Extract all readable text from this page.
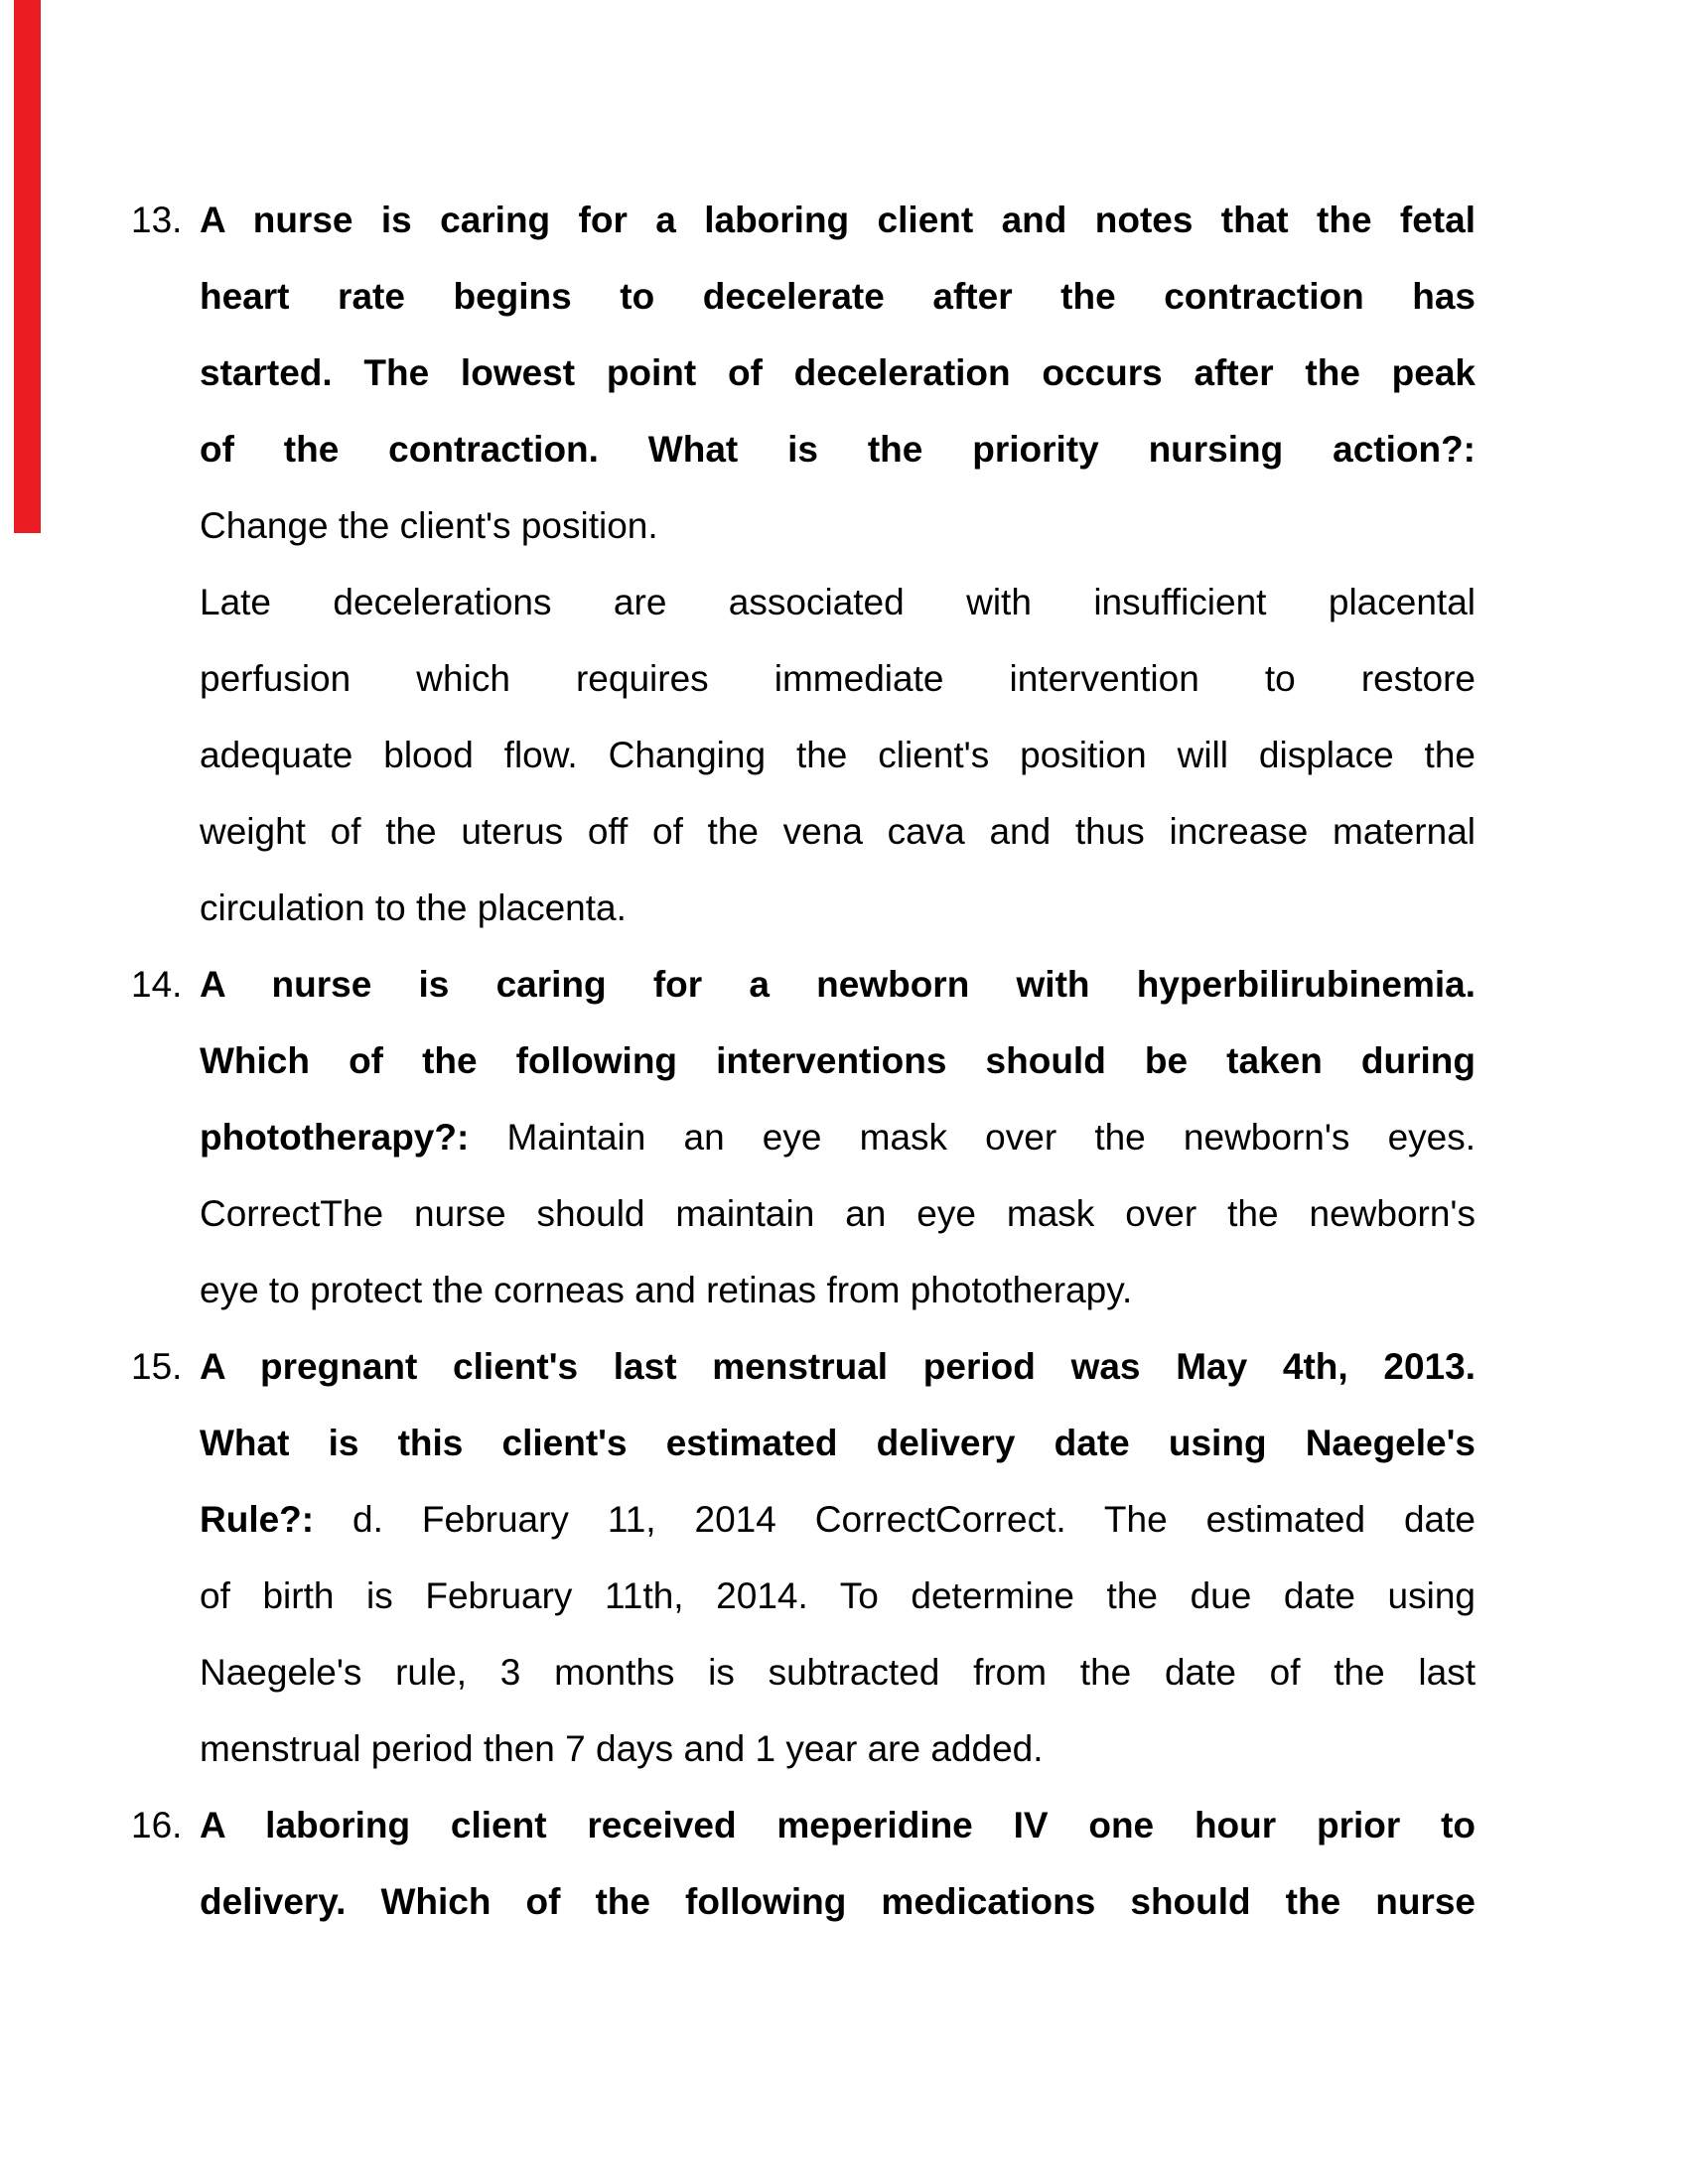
13. A nurse is caring for a laboring client and notes that the fetal
heart rate begins to decelerate after the contraction has
started. The lowest point of deceleration occurs after the peak
of the contraction. What is the priority nursing action?:
Change the client's position.
Late decelerations are associated with insufficient placental
perfusion which requires immediate intervention to restore
adequate blood flow. Changing the client's position will displace the
weight of the uterus off of the vena cava and thus increase maternal
circulation to the placenta.
14. A nurse is caring for a newborn with hyperbilirubinemia.
Which of the following interventions should be taken during
phototherapy?: Maintain an eye mask over the newborn's eyes.
CorrectThe nurse should maintain an eye mask over the newborn's
eye to protect the corneas and retinas from phototherapy.
15. A pregnant client's last menstrual period was May 4th, 2013.
What is this client's estimated delivery date using Naegele's
Rule?: d. February 11, 2014 CorrectCorrect. The estimated date
of birth is February 11th, 2014. To determine the due date using
Naegele's rule, 3 months is subtracted from the date of the last
menstrual period then 7 days and 1 year are added.
16. A laboring client received meperidine IV one hour prior to
delivery. Which of the following medications should the nurse
